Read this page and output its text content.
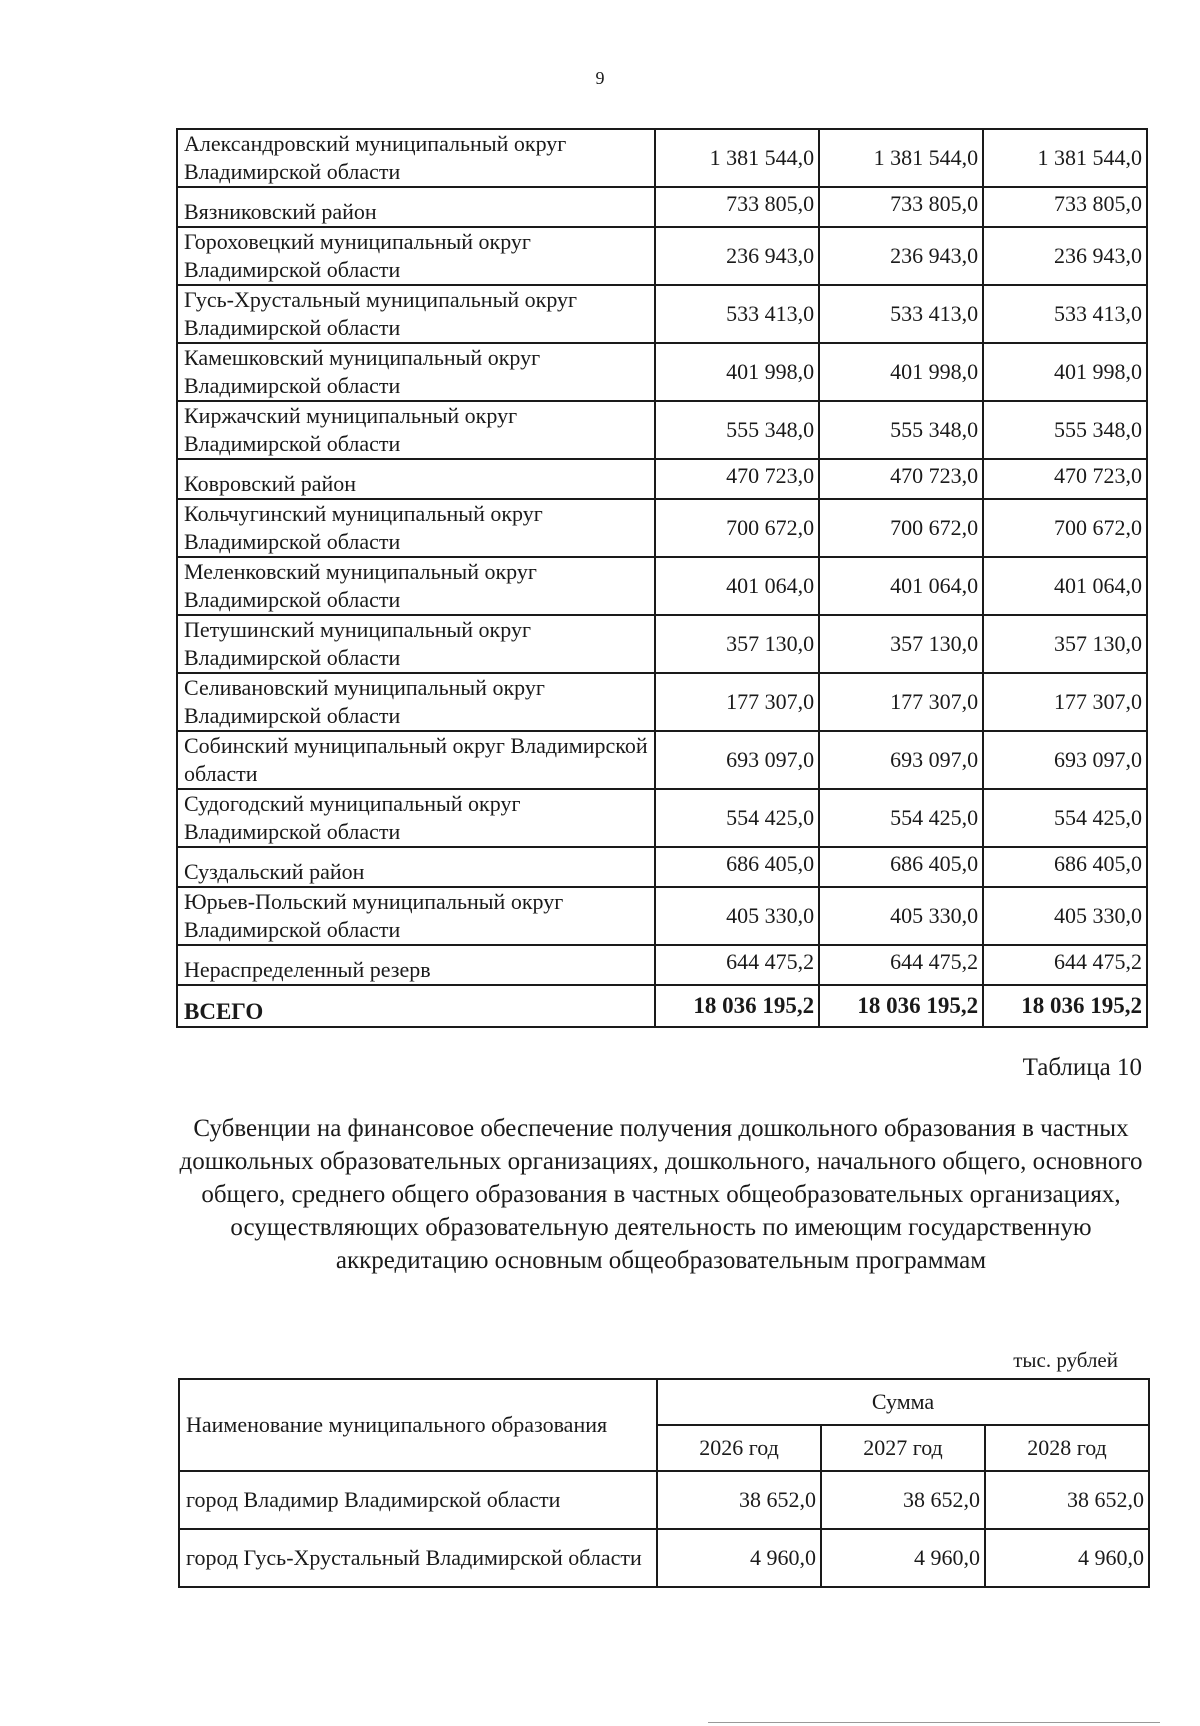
9
Александровский муниципальный округ Владимирской области	1 381 544,0	1 381 544,0	1 381 544,0
Вязниковский район	733 805,0	733 805,0	733 805,0
Гороховецкий муниципальный округ Владимирской области	236 943,0	236 943,0	236 943,0
Гусь-Хрустальный муниципальный округ Владимирской области	533 413,0	533 413,0	533 413,0
Камешковский муниципальный округ Владимирской области	401 998,0	401 998,0	401 998,0
Киржачский муниципальный округ Владимирской области	555 348,0	555 348,0	555 348,0
Ковровский район	470 723,0	470 723,0	470 723,0
Кольчугинский муниципальный округ Владимирской области	700 672,0	700 672,0	700 672,0
Меленковский муниципальный округ Владимирской области	401 064,0	401 064,0	401 064,0
Петушинский муниципальный округ Владимирской области	357 130,0	357 130,0	357 130,0
Селивановский муниципальный округ Владимирской области	177 307,0	177 307,0	177 307,0
Собинский муниципальный округ Владимирской области	693 097,0	693 097,0	693 097,0
Судогодский муниципальный округ Владимирской области	554 425,0	554 425,0	554 425,0
Суздальский район	686 405,0	686 405,0	686 405,0
Юрьев-Польский муниципальный округ Владимирской области	405 330,0	405 330,0	405 330,0
Нераспределенный резерв	644 475,2	644 475,2	644 475,2
ВСЕГО	18 036 195,2	18 036 195,2	18 036 195,2
Таблица 10
Субвенции на финансовое обеспечение получения дошкольного образования в частных дошкольных образовательных организациях, дошкольного, начального общего, основного общего, среднего общего образования в частных общеобразовательных организациях, осуществляющих образовательную деятельность по имеющим государственную аккредитацию основным общеобразовательным программам
тыс. рублей
Наименование муниципального образования	Сумма		
	2026 год	2027 год	2028 год
город Владимир Владимирской области	38 652,0	38 652,0	38 652,0
город Гусь-Хрустальный Владимирской области	4 960,0	4 960,0	4 960,0
